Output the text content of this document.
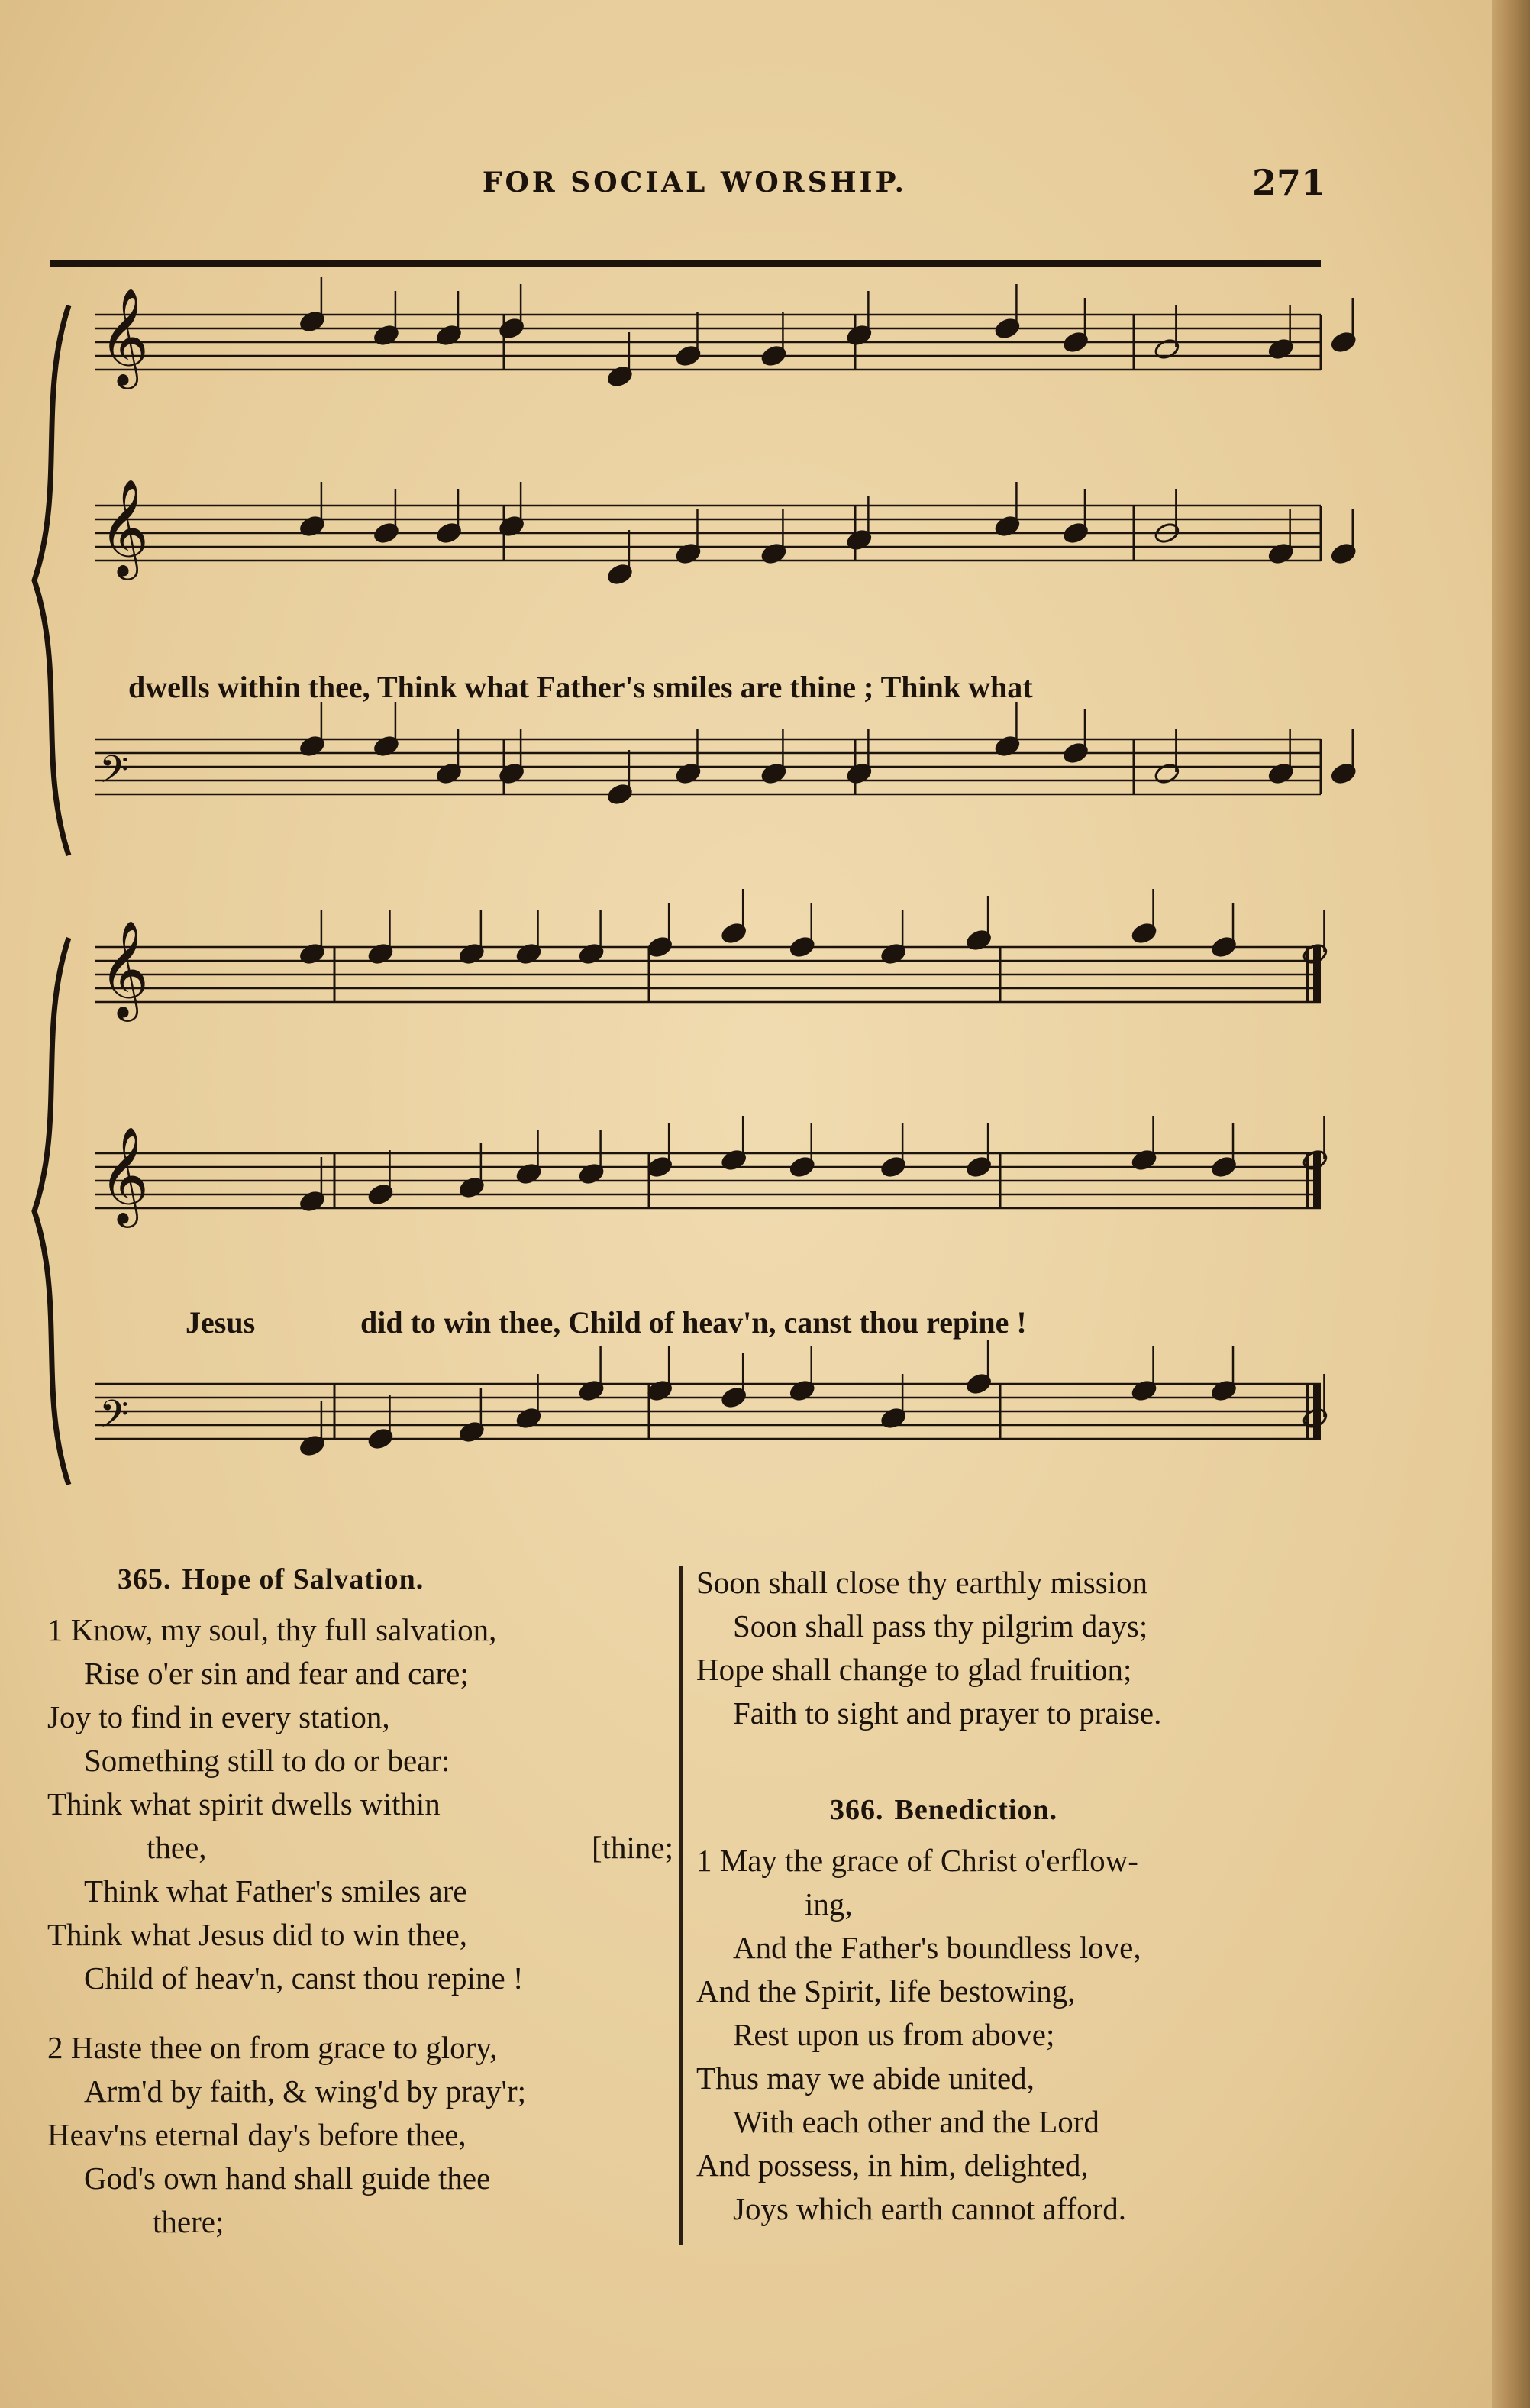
FOR SOCIAL WORSHIP.	271
𝄞
𝄞
𝄢
𝄞
𝄞
𝄢
dwells within thee, Think what Father's smiles are thine ; Think what
Jesus	did to win thee, Child of heav'n, canst thou repine !
365. Hope of Salvation.
1 Know, my soul, thy full salvation,
Rise o'er sin and fear and care;
Joy to find in every station,
Something still to do or bear:
Think what spirit dwells within
thee,	[thine;
Think what Father's smiles are
Think what Jesus did to win thee,
Child of heav'n, canst thou repine !
2 Haste thee on from grace to glory,
Arm'd by faith, & wing'd by pray'r;
Heav'ns eternal day's before thee,
God's own hand shall guide thee
there;
Soon shall close thy earthly mission
Soon shall pass thy pilgrim days;
Hope shall change to glad fruition;
Faith to sight and prayer to praise.
366. Benediction.
1 May the grace of Christ o'erflow-
ing,
And the Father's boundless love,
And the Spirit, life bestowing,
Rest upon us from above;
Thus may we abide united,
With each other and the Lord
And possess, in him, delighted,
Joys which earth cannot afford.
